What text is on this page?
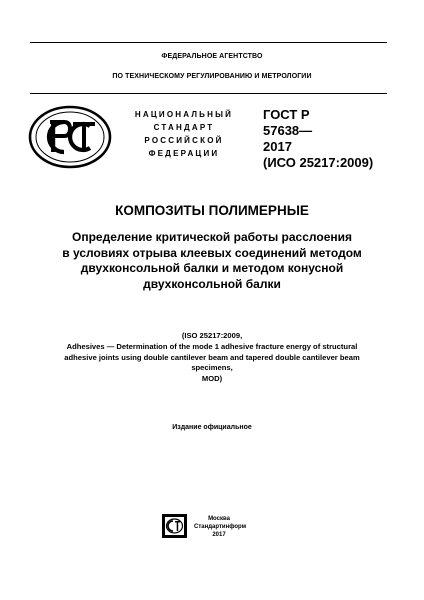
ФЕДЕРАЛЬНОЕ АГЕНТСТВО
ПО ТЕХНИЧЕСКОМУ РЕГУЛИРОВАНИЮ И МЕТРОЛОГИИ
НАЦИОНАЛЬНЫЙ
СТАНДАРТ
РОССИЙСКОЙ
ФЕДЕРАЦИИ
ГОСТ Р
57638—
2017
(ИСО 25217:2009)
КОМПОЗИТЫ ПОЛИМЕРНЫЕ
Определение критической работы расслоения
в условиях отрыва клеевых соединений методом
двухконсольной балки и методом конусной
двухконсольной балки
(ISO 25217:2009,
Adhesives — Determination of the mode 1 adhesive fracture energy of structural
adhesive joints using double cantilever beam and tapered double cantilever beam
specimens,
MOD)
Издание официальное
Москва
Стандартинформ
2017
